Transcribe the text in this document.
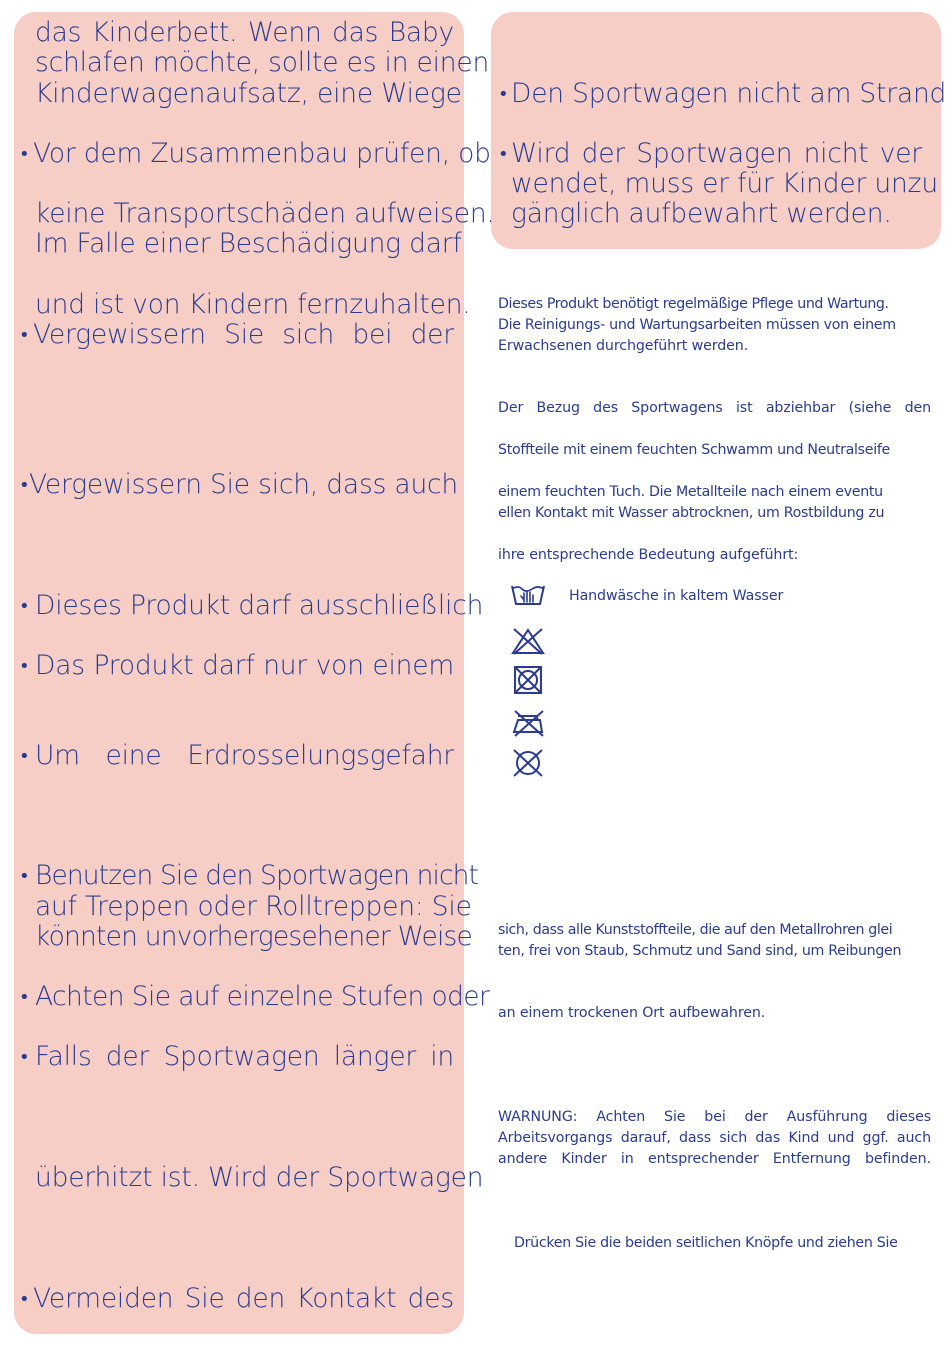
das Kinderbett. Wenn das Baby
schlafen möchte, sollte es in einen
Kinderwagenaufsatz, eine Wiege
• Vor dem Zusammenbau prüfen, ob
keine Transportschäden aufweisen.
Im Falle einer Beschädigung darf
und ist von Kindern fernzuhalten.
• Vergewissern Sie sich bei der
• Vergewissern Sie sich, dass auch
• Dieses Produkt darf ausschließlich
• Das Produkt darf nur von einem
• Um eine Erdrosselungsgefahr
• Benutzen Sie den Sportwagen nicht
auf Treppen oder Rolltreppen: Sie
könnten unvorhergesehener Weise
• Achten Sie auf einzelne Stufen oder
• Falls der Sportwagen länger in
überhitzt ist. Wird der Sportwagen
• Vermeiden Sie den Kontakt des
• Den Sportwagen nicht am Strand
• Wird der Sportwagen nicht ver
wendet, muss er für Kinder unzu
gänglich aufbewahrt werden.
Dieses Produkt benötigt regelmäßige Pflege und Wartung.
Die Reinigungs- und Wartungsarbeiten müssen von einem
Erwachsenen durchgeführt werden.
Der Bezug des Sportwagens ist abziehbar (siehe den
Stoffteile mit einem feuchten Schwamm und Neutralseife
einem feuchten Tuch. Die Metallteile nach einem eventu
ellen Kontakt mit Wasser abtrocknen, um Rostbildung zu
ihre entsprechende Bedeutung aufgeführt:
Handwäsche in kaltem Wasser
sich, dass alle Kunststoffteile, die auf den Metallrohren glei
ten, frei von Staub, Schmutz und Sand sind, um Reibungen
an einem trockenen Ort aufbewahren.
WARNUNG: Achten Sie bei der Ausführung dieses
Arbeitsvorgangs darauf, dass sich das Kind und ggf. auch
andere Kinder in entsprechender Entfernung befinden.
Drücken Sie die beiden seitlichen Knöpfe und ziehen Sie
